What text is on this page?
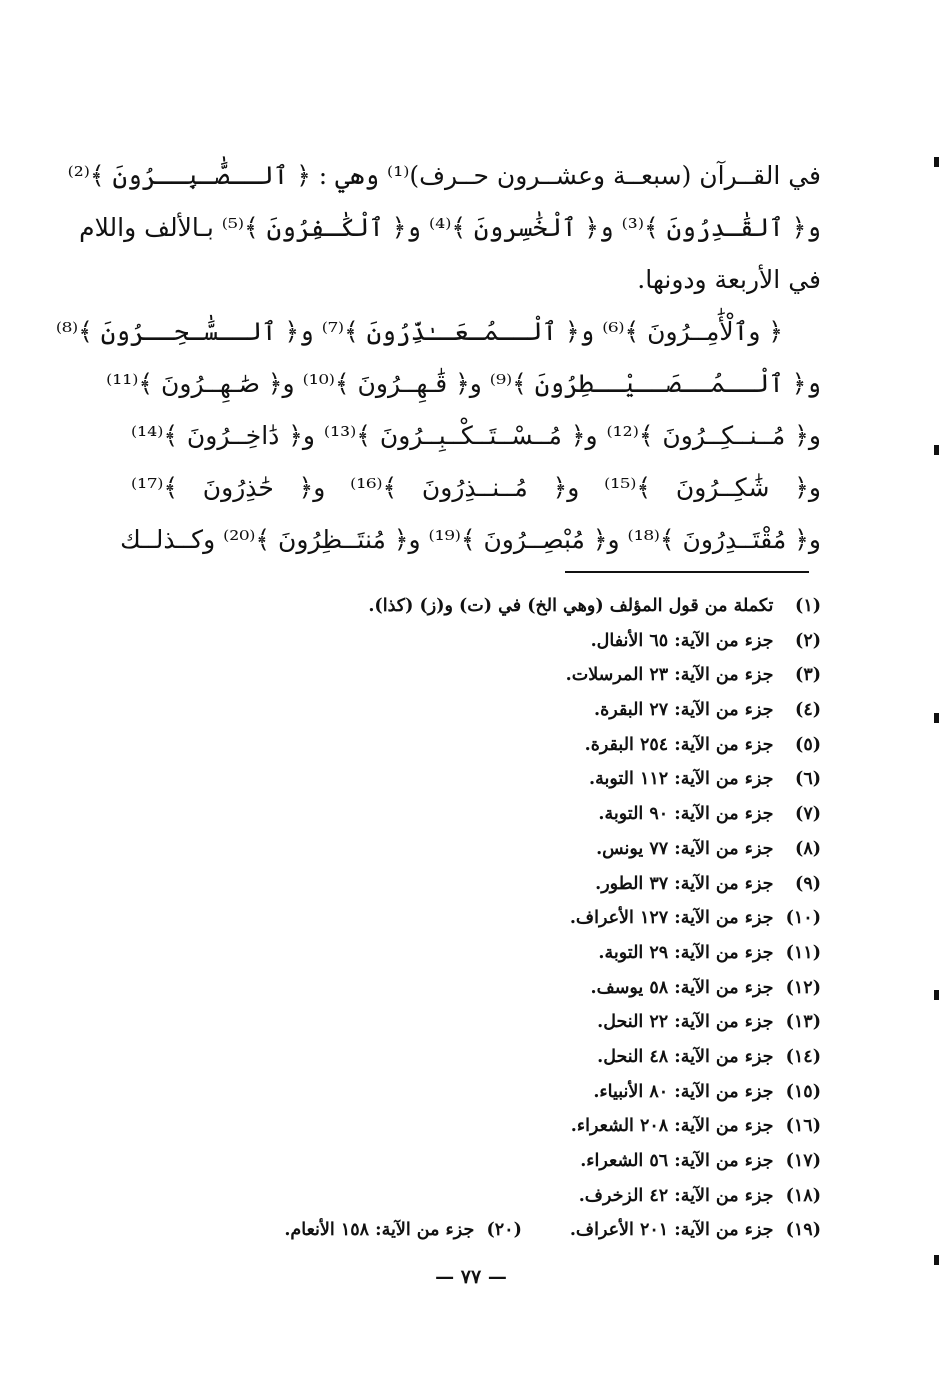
في القــرآن (سبعــة وعشــرون حــرف)⁽¹⁾ وهي : ﴿ ٱلــصَّٰـبِــرُونَ ﴾⁽²⁾
و﴿ ٱلقَٰـدِرُونَ ﴾⁽³⁾ و﴿ ٱلْخَٰسِرونَ ﴾⁽⁴⁾ و﴿ ٱلْكَٰـفِرُونَ ﴾⁽⁵⁾ بـالألف واللام
في الأربعة ودونها.
﴿ وٱلْأَٰمِــرُونَ ﴾⁽⁶⁾ و﴿ ٱلْــمُـعَــٰذِّرُونَ ﴾⁽⁷⁾ و﴿ ٱلــسَّٰـحِــرُونَ ﴾⁽⁸⁾
و﴿ ٱلْــمُــصَــيْــطِرُونَ ﴾⁽⁹⁾ و﴿ قَٰـهِــرُونَ ﴾⁽¹⁰⁾ و﴿ صَٰـهِــرُونَ ﴾⁽¹¹⁾
و﴿ مُــنــكِــرُونَ ﴾⁽¹²⁾ و﴿ مُــسْــتَــكْــبِــرُونَ ﴾⁽¹³⁾ و﴿ دَٰاخِــرُونَ ﴾⁽¹⁴⁾
و﴿ شَٰكِــرُونَ ﴾⁽¹⁵⁾ و﴿ مُــنــذِرُونَ ﴾⁽¹⁶⁾ و﴿ حَٰذِرُونَ ﴾⁽¹⁷⁾
و﴿ مُقْتَــدِرُونَ ﴾⁽¹⁸⁾ و﴿ مُبْصِــرُونَ ﴾⁽¹⁹⁾ و﴿ مُنتَــظِرُونَ ﴾⁽²⁰⁾ وكــذلــك
(١) تكملة من قول المؤلف (وهي الخ) في (ت) و(ز) (كذا).
(٢) جزء من الآية: ٦٥ الأنفال.
(٣) جزء من الآية: ٢٣ المرسلات.
(٤) جزء من الآية: ٢٧ البقرة.
(٥) جزء من الآية: ٢٥٤ البقرة.
(٦) جزء من الآية: ١١٢ التوبة.
(٧) جزء من الآية: ٩٠ التوبة.
(٨) جزء من الآية: ٧٧ يونس.
(٩) جزء من الآية: ٣٧ الطور.
(١٠) جزء من الآية: ١٢٧ الأعراف.
(١١) جزء من الآية: ٢٩ التوبة.
(١٢) جزء من الآية: ٥٨ يوسف.
(١٣) جزء من الآية: ٢٢ النحل.
(١٤) جزء من الآية: ٤٨ النحل.
(١٥) جزء من الآية: ٨٠ الأنبياء.
(١٦) جزء من الآية: ٢٠٨ الشعراء.
(١٧) جزء من الآية: ٥٦ الشعراء.
(١٨) جزء من الآية: ٤٢ الزخرف.
(١٩) جزء من الآية: ٢٠١ الأعراف.(٢٠) جزء من الآية: ١٥٨ الأنعام.
— ٧٧ —
